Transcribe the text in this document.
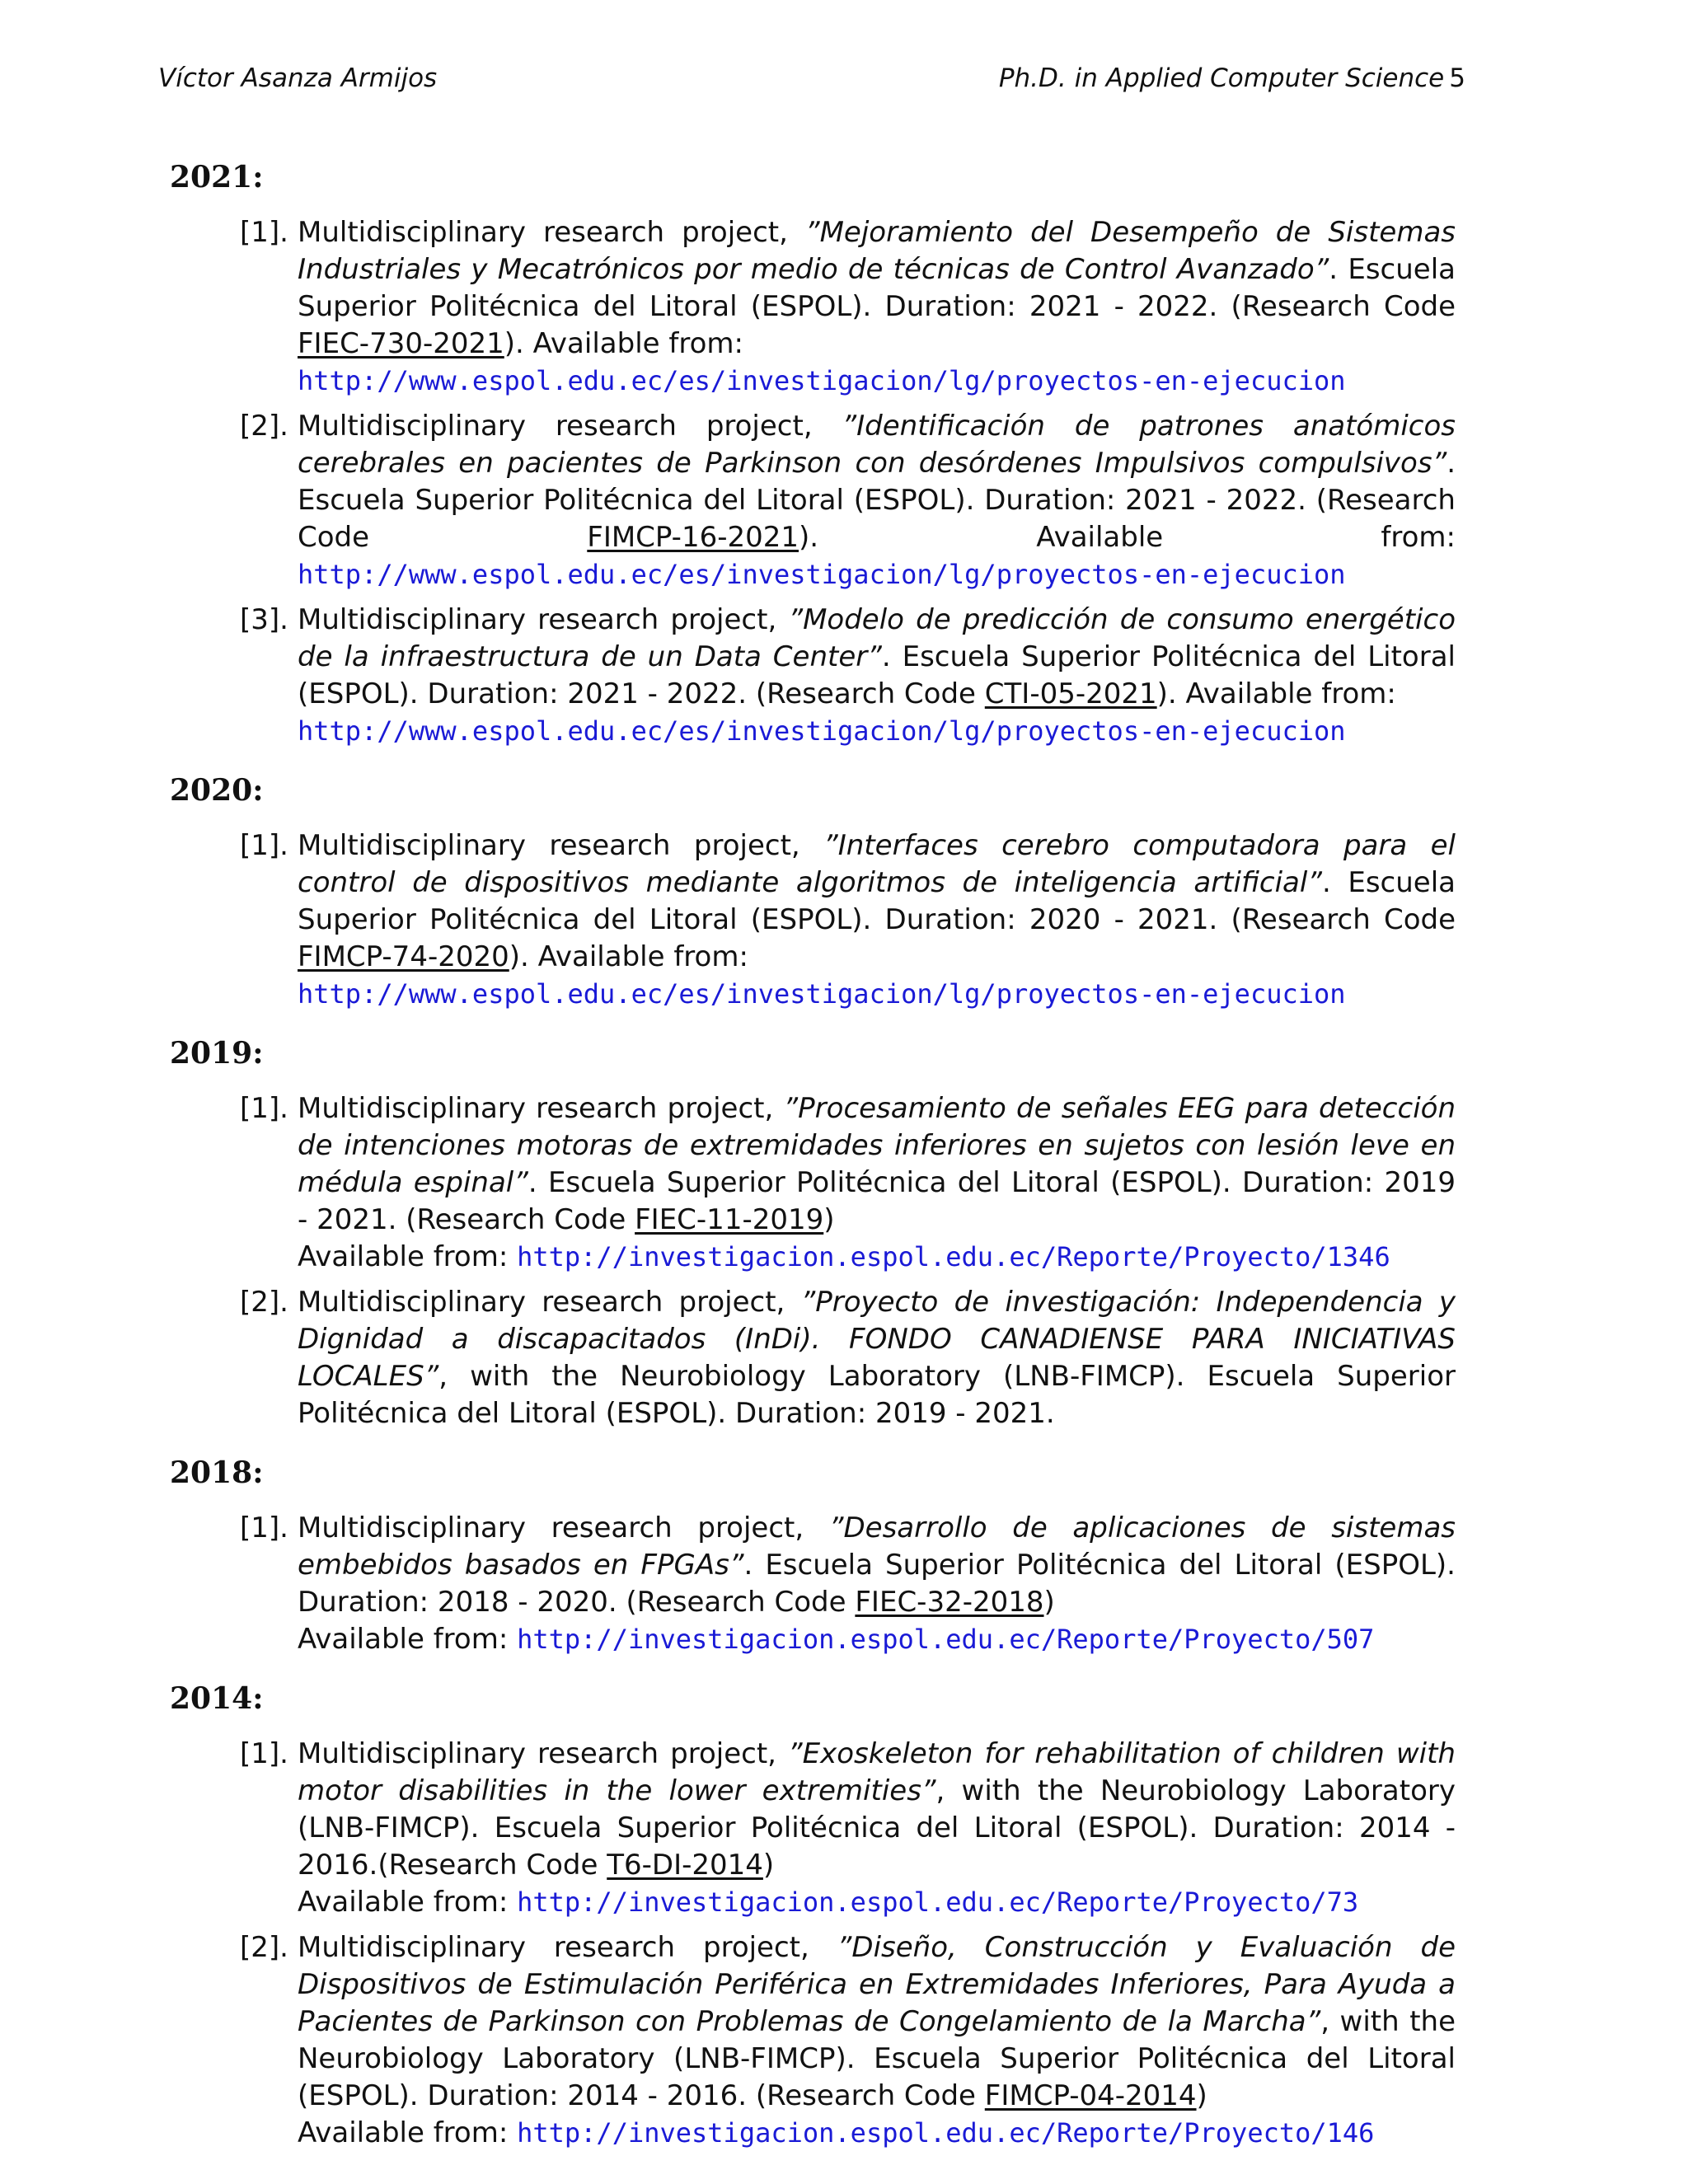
Víctor Asanza Armijos	Ph.D. in Applied Computer Science 5
2021:
[1]. Multidisciplinary research project, ”Mejoramiento del Desempeño de Sistemas Industriales y Mecatrónicos por medio de técnicas de Control Avanzado”. Escuela Superior Politécnica del Litoral (ESPOL). Duration: 2021 - 2022. (Research Code FIEC-730-2021). Available from:
http://www.espol.edu.ec/es/investigacion/lg/proyectos-en-ejecucion
[2]. Multidisciplinary research project, ”Identificación de patrones anatómicos cerebrales en pacientes de Parkinson con desórdenes Impulsivos compulsivos”. Escuela Superior Politécnica del Litoral (ESPOL). Duration: 2021 - 2022. (Research Code FIMCP-16-2021). Available from: http://www.espol.edu.ec/es/investigacion/lg/proyectos-en-ejecucion
[3]. Multidisciplinary research project, ”Modelo de predicción de consumo energético de la infraestructura de un Data Center”. Escuela Superior Politécnica del Litoral (ESPOL). Duration: 2021 - 2022. (Research Code CTI-05-2021). Available from:
http://www.espol.edu.ec/es/investigacion/lg/proyectos-en-ejecucion
2020:
[1]. Multidisciplinary research project, ”Interfaces cerebro computadora para el control de dispositivos mediante algoritmos de inteligencia artificial”. Escuela Superior Politécnica del Litoral (ESPOL). Duration: 2020 - 2021. (Research Code FIMCP-74-2020). Available from:
http://www.espol.edu.ec/es/investigacion/lg/proyectos-en-ejecucion
2019:
[1]. Multidisciplinary research project, ”Procesamiento de señales EEG para detección de intenciones motoras de extremidades inferiores en sujetos con lesión leve en médula espinal”. Escuela Superior Politécnica del Litoral (ESPOL). Duration: 2019 - 2021. (Research Code FIEC-11-2019)
Available from: http://investigacion.espol.edu.ec/Reporte/Proyecto/1346
[2]. Multidisciplinary research project, ”Proyecto de investigación: Independencia y Dignidad a discapacitados (InDi). FONDO CANADIENSE PARA INICIATIVAS LOCALES”, with the Neurobiology Laboratory (LNB-FIMCP). Escuela Superior Politécnica del Litoral (ESPOL). Duration: 2019 - 2021.
2018:
[1]. Multidisciplinary research project, ”Desarrollo de aplicaciones de sistemas embebidos basados en FPGAs”. Escuela Superior Politécnica del Litoral (ESPOL). Duration: 2018 - 2020. (Research Code FIEC-32-2018)
Available from: http://investigacion.espol.edu.ec/Reporte/Proyecto/507
2014:
[1]. Multidisciplinary research project, ”Exoskeleton for rehabilitation of children with motor disabilities in the lower extremities”, with the Neurobiology Laboratory (LNB-FIMCP). Escuela Superior Politécnica del Litoral (ESPOL). Duration: 2014 - 2016.(Research Code T6-DI-2014)
Available from: http://investigacion.espol.edu.ec/Reporte/Proyecto/73
[2]. Multidisciplinary research project, ”Diseño, Construcción y Evaluación de Dispositivos de Estimulación Periférica en Extremidades Inferiores, Para Ayuda a Pacientes de Parkinson con Problemas de Congelamiento de la Marcha”, with the Neurobiology Laboratory (LNB-FIMCP). Escuela Superior Politécnica del Litoral (ESPOL). Duration: 2014 - 2016. (Research Code FIMCP-04-2014)
Available from: http://investigacion.espol.edu.ec/Reporte/Proyecto/146
